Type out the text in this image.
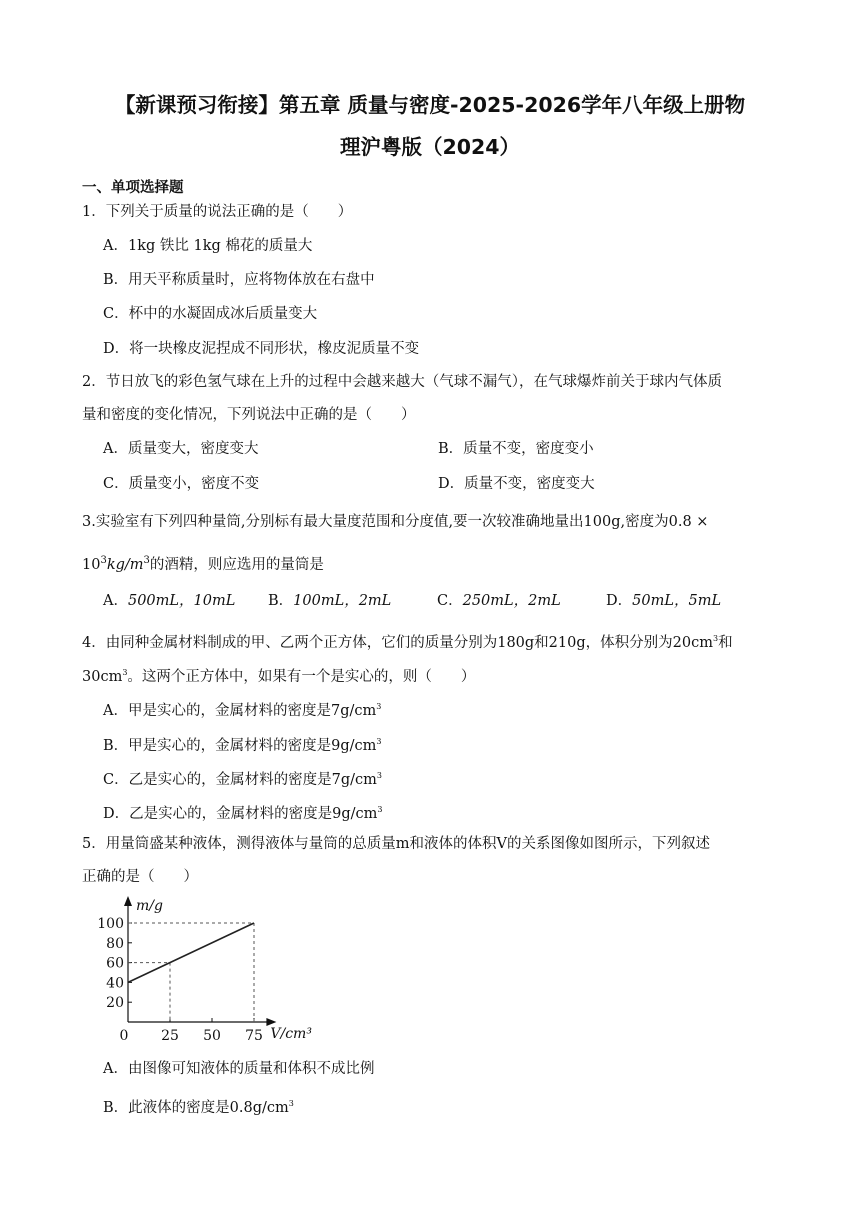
【新课预习衔接】第五章 质量与密度-2025-2026学年八年级上册物
理沪粤版（2024）
一、单项选择题
1．下列关于质量的说法正确的是（　　）
A．1kg 铁比 1kg 棉花的质量大
B．用天平称质量时，应将物体放在右盘中
C．杯中的水凝固成冰后质量变大
D．将一块橡皮泥捏成不同形状，橡皮泥质量不变
2．节日放飞的彩色氢气球在上升的过程中会越来越大（气球不漏气），在气球爆炸前关于球内气体质
量和密度的变化情况，下列说法中正确的是（　　）
A．质量变大，密度变大	B．质量不变，密度变小
C．质量变小，密度不变	D．质量不变，密度变大
3.实验室有下列四种量筒,分别标有最大量度范围和分度值,要一次较准确地量出100g,密度为0.8 ×
$10^3kg/m^3$的酒精，则应选用的量筒是
A．500mL，10mL B．100mL，2mL	C．250mL，2mL	D．50mL，5mL
4．由同种金属材料制成的甲、乙两个正方体，它们的质量分别为180g和210g，体积分别为$20cm^3$和
$30cm^3$。这两个正方体中，如果有一个是实心的，则（　　）
A．甲是实心的，金属材料的密度是$7g/cm^3$
B．甲是实心的，金属材料的密度是$9g/cm^3$
C．乙是实心的，金属材料的密度是$7g/cm^3$
D．乙是实心的，金属材料的密度是$9g/cm^3$
5．用量筒盛某种液体，测得液体与量筒的总质量m和液体的体积V的关系图像如图所示，下列叙述
正确的是（　　）
20
40
60
80
100
0 25 50 75
m/g
V/cm³
A．由图像可知液体的质量和体积不成比例
B．此液体的密度是$0.8g/cm^3$
